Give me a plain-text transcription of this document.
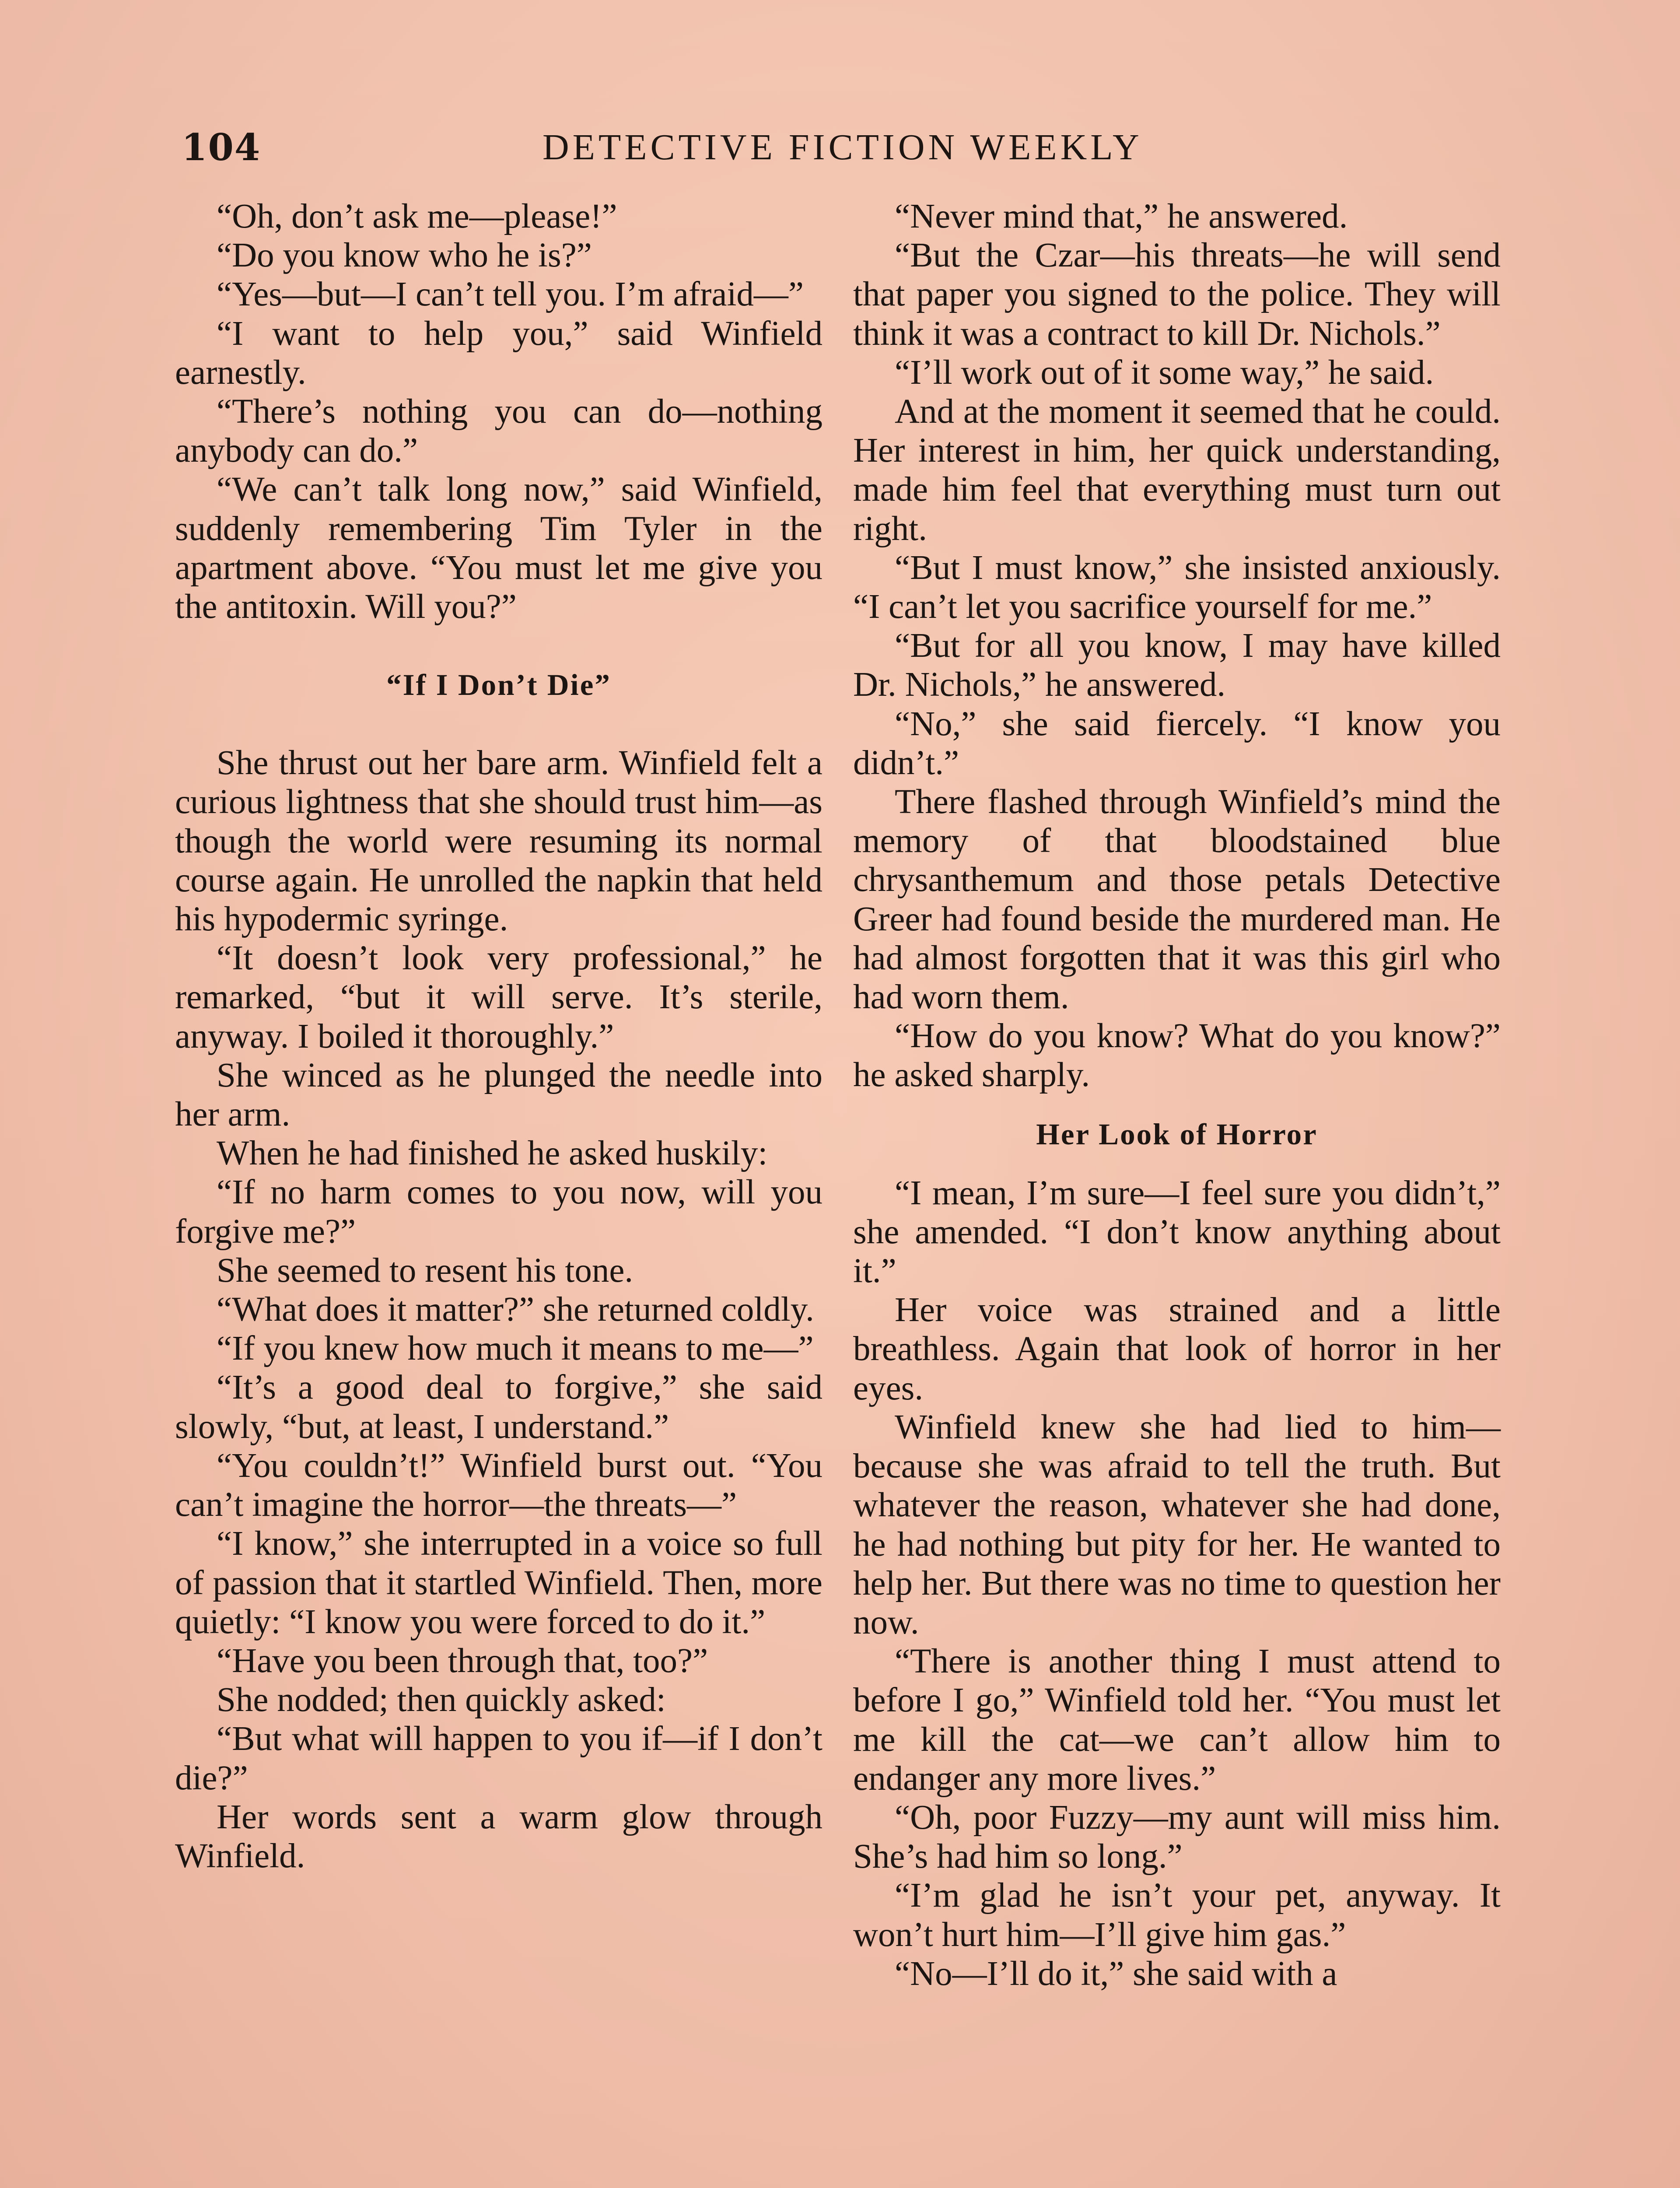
104	DETECTIVE FICTION WEEKLY

“Oh, don’t ask me—please!”

“Do you know who he is?”

“Yes—but—I can’t tell you. I’m afraid—”

“I want to help you,” said Winfield earnestly.

“There’s nothing you can do—nothing anybody can do.”

“We can’t talk long now,” said Winfield, suddenly remembering Tim Tyler in the apartment above. “You must let me give you the antitoxin. Will you?”

“If I Don’t Die”

She thrust out her bare arm. Winfield felt a curious lightness that she should trust him—as though the world were resuming its normal course again. He unrolled the napkin that held his hypodermic syringe.

“It doesn’t look very professional,” he remarked, “but it will serve. It’s sterile, anyway. I boiled it thoroughly.”

She winced as he plunged the needle into her arm.

When he had finished he asked huskily:

“If no harm comes to you now, will you forgive me?”

She seemed to resent his tone.

“What does it matter?” she returned coldly.

“If you knew how much it means to me—”

“It’s a good deal to forgive,” she said slowly, “but, at least, I understand.”

“You couldn’t!” Winfield burst out. “You can’t imagine the horror—the threats—”

“I know,” she interrupted in a voice so full of passion that it startled Winfield. Then, more quietly: “I know you were forced to do it.”

“Have you been through that, too?”

She nodded; then quickly asked:

“But what will happen to you if—if I don’t die?”

Her words sent a warm glow through Winfield.

“Never mind that,” he answered.

“But the Czar—his threats—he will send that paper you signed to the police. They will think it was a contract to kill Dr. Nichols.”

“I’ll work out of it some way,” he said.

And at the moment it seemed that he could. Her interest in him, her quick understanding, made him feel that everything must turn out right.

“But I must know,” she insisted anxiously. “I can’t let you sacrifice yourself for me.”

“But for all you know, I may have killed Dr. Nichols,” he answered.

“No,” she said fiercely. “I know you didn’t.”

There flashed through Winfield’s mind the memory of that bloodstained blue chrysanthemum and those petals Detective Greer had found beside the murdered man. He had almost forgotten that it was this girl who had worn them.

“How do you know? What do you know?” he asked sharply.

Her Look of Horror

“I mean, I’m sure—I feel sure you didn’t,” she amended. “I don’t know anything about it.”

Her voice was strained and a little breathless. Again that look of horror in her eyes.

Winfield knew she had lied to him—because she was afraid to tell the truth. But whatever the reason, whatever she had done, he had nothing but pity for her. He wanted to help her. But there was no time to question her now.

“There is another thing I must attend to before I go,” Winfield told her. “You must let me kill the cat—we can’t allow him to endanger any more lives.”

“Oh, poor Fuzzy—my aunt will miss him. She’s had him so long.”

“I’m glad he isn’t your pet, anyway. It won’t hurt him—I’ll give him gas.”

“No—I’ll do it,” she said with a
